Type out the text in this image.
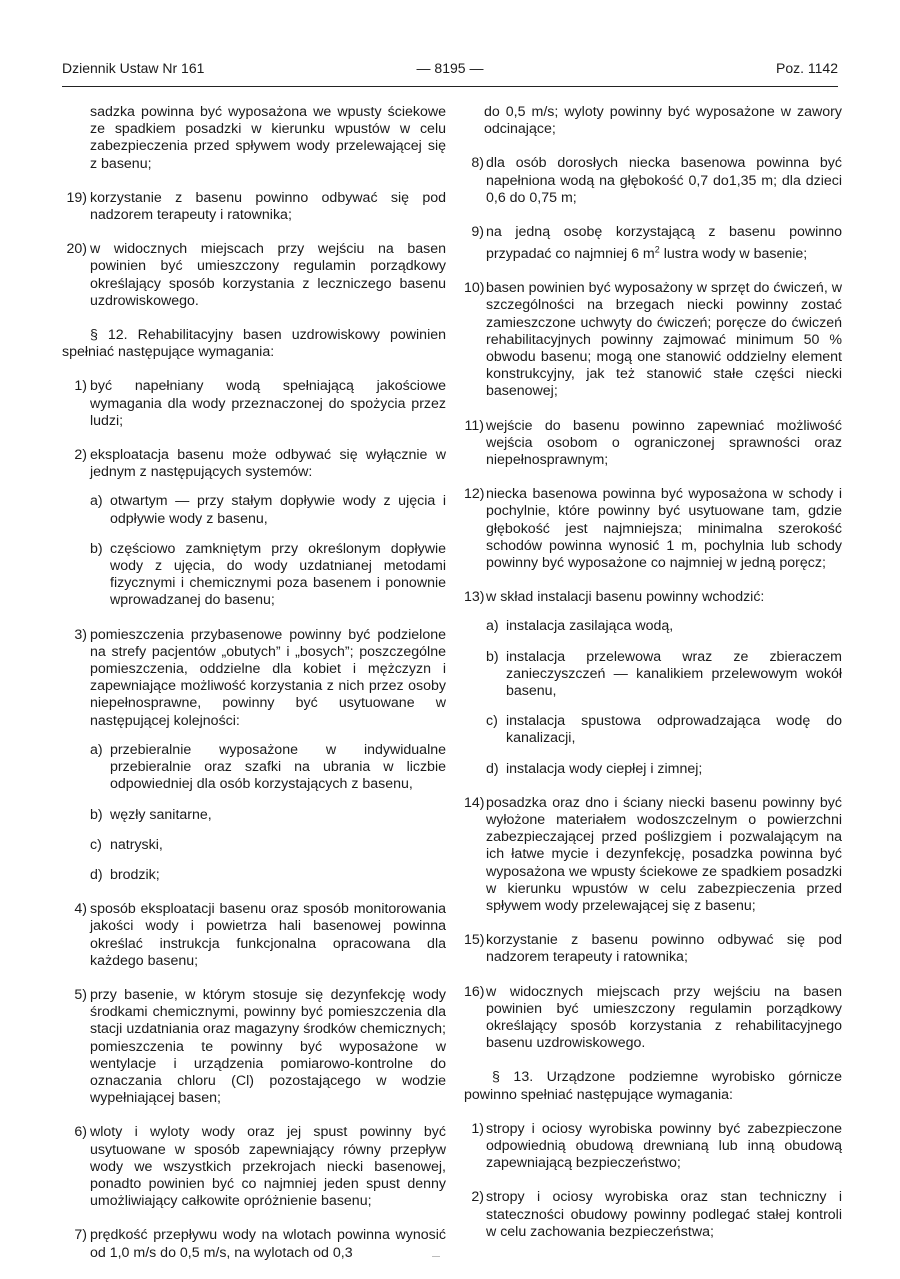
Dziennik Ustaw Nr 161	— 8195 —	Poz. 1142

sadzka powinna być wyposażona we wpusty ściekowe ze spadkiem posadzki w kierunku wpustów w celu zabezpieczenia przed spływem wody przelewającej się z basenu;

19) korzystanie z basenu powinno odbywać się pod nadzorem terapeuty i ratownika;
20) w widocznych miejscach przy wejściu na basen powinien być umieszczony regulamin porządkowy określający sposób korzystania z leczniczego basenu uzdrowiskowego.

§ 12. Rehabilitacyjny basen uzdrowiskowy powinien spełniać następujące wymagania:

1) być napełniany wodą spełniającą jakościowe wymagania dla wody przeznaczonej do spożycia przez ludzi;
2) eksploatacja basenu może odbywać się wyłącznie w jednym z następujących systemów:
a) otwartym — przy stałym dopływie wody z ujęcia i odpływie wody z basenu,
b) częściowo zamkniętym przy określonym dopływie wody z ujęcia, do wody uzdatnianej metodami fizycznymi i chemicznymi poza basenem i ponownie wprowadzanej do basenu;
3) pomieszczenia przybasenowe powinny być podzielone na strefy pacjentów „obutych” i „bosych”; poszczególne pomieszczenia, oddzielne dla kobiet i mężczyzn i zapewniające możliwość korzystania z nich przez osoby niepełnosprawne, powinny być usytuowane w następującej kolejności:
a) przebieralnie wyposażone w indywidualne przebieralnie oraz szafki na ubrania w liczbie odpowiedniej dla osób korzystających z basenu,
b) węzły sanitarne,
c) natryski,
d) brodzik;
4) sposób eksploatacji basenu oraz sposób monitorowania jakości wody i powietrza hali basenowej powinna określać instrukcja funkcjonalna opracowana dla każdego basenu;
5) przy basenie, w którym stosuje się dezynfekcję wody środkami chemicznymi, powinny być pomieszczenia dla stacji uzdatniania oraz magazyny środków chemicznych; pomieszczenia te powinny być wyposażone w wentylacje i urządzenia pomiarowo-kontrolne do oznaczania chloru (Cl) pozostającego w wodzie wypełniającej basen;
6) wloty i wyloty wody oraz jej spust powinny być usytuowane w sposób zapewniający równy przepływ wody we wszystkich przekrojach niecki basenowej, ponadto powinien być co najmniej jeden spust denny umożliwiający całkowite opróżnienie basenu;
7) prędkość przepływu wody na wlotach powinna wynosić od 1,0 m/s do 0,5 m/s, na wylotach od 0,3

do 0,5 m/s; wyloty powinny być wyposażone w zawory odcinające;

8) dla osób dorosłych niecka basenowa powinna być napełniona wodą na głębokość 0,7 do1,35 m; dla dzieci 0,6 do 0,75 m;
9) na jedną osobę korzystającą z basenu powinno przypadać co najmniej 6 $m^2$ lustra wody w basenie;
10) basen powinien być wyposażony w sprzęt do ćwiczeń, w szczególności na brzegach niecki powinny zostać zamieszczone uchwyty do ćwiczeń; poręcze do ćwiczeń rehabilitacyjnych powinny zajmować minimum 50 % obwodu basenu; mogą one stanowić oddzielny element konstrukcyjny, jak też stanowić stałe części niecki basenowej;
11) wejście do basenu powinno zapewniać możliwość wejścia osobom o ograniczonej sprawności oraz niepełnosprawnym;
12) niecka basenowa powinna być wyposażona w schody i pochylnie, które powinny być usytuowane tam, gdzie głębokość jest najmniejsza; minimalna szerokość schodów powinna wynosić 1 m, pochylnia lub schody powinny być wyposażone co najmniej w jedną poręcz;
13) w skład instalacji basenu powinny wchodzić:
a) instalacja zasilająca wodą,
b) instalacja przelewowa wraz ze zbieraczem zanieczyszczeń — kanalikiem przelewowym wokół basenu,
c) instalacja spustowa odprowadzająca wodę do kanalizacji,
d) instalacja wody ciepłej i zimnej;
14) posadzka oraz dno i ściany niecki basenu powinny być wyłożone materiałem wodoszczelnym o powierzchni zabezpieczającej przed poślizgiem i pozwalającym na ich łatwe mycie i dezynfekcję, posadzka powinna być wyposażona we wpusty ściekowe ze spadkiem posadzki w kierunku wpustów w celu zabezpieczenia przed spływem wody przelewającej się z basenu;
15) korzystanie z basenu powinno odbywać się pod nadzorem terapeuty i ratownika;
16) w widocznych miejscach przy wejściu na basen powinien być umieszczony regulamin porządkowy określający sposób korzystania z rehabilitacyjnego basenu uzdrowiskowego.

§ 13. Urządzone podziemne wyrobisko górnicze powinno spełniać następujące wymagania:

1) stropy i ociosy wyrobiska powinny być zabezpieczone odpowiednią obudową drewnianą lub inną obudową zapewniającą bezpieczeństwo;
2) stropy i ociosy wyrobiska oraz stan techniczny i stateczności obudowy powinny podlegać stałej kontroli w celu zachowania bezpieczeństwa;
